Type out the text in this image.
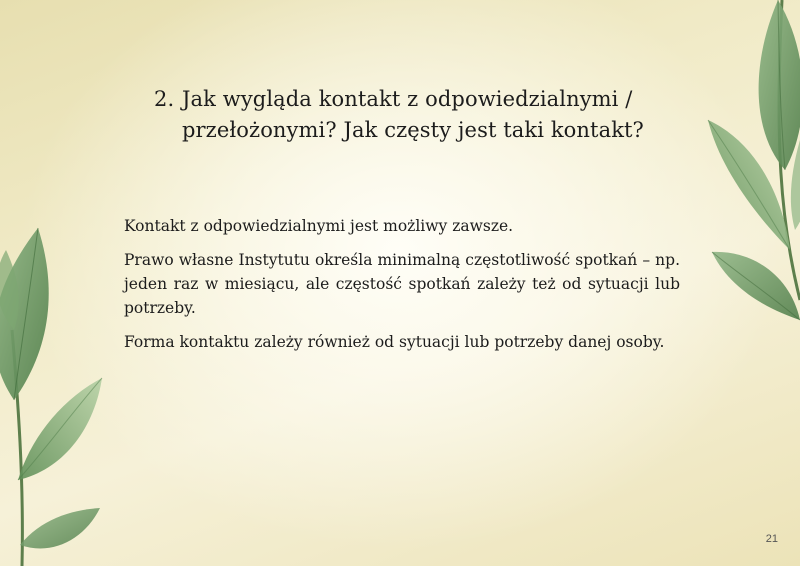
2. Jak wygląda kontakt z odpowiedzialnymi /
przełożonymi? Jak częsty jest taki kontakt?

Kontakt z odpowiedzialnymi jest możliwy zawsze.

Prawo własne Instytutu określa minimalną częstotliwość spotkań – np. jeden raz w miesiącu, ale częstość spotkań zależy też od sytuacji lub potrzeby.

Forma kontaktu zależy również od sytuacji lub potrzeby danej osoby.

21
